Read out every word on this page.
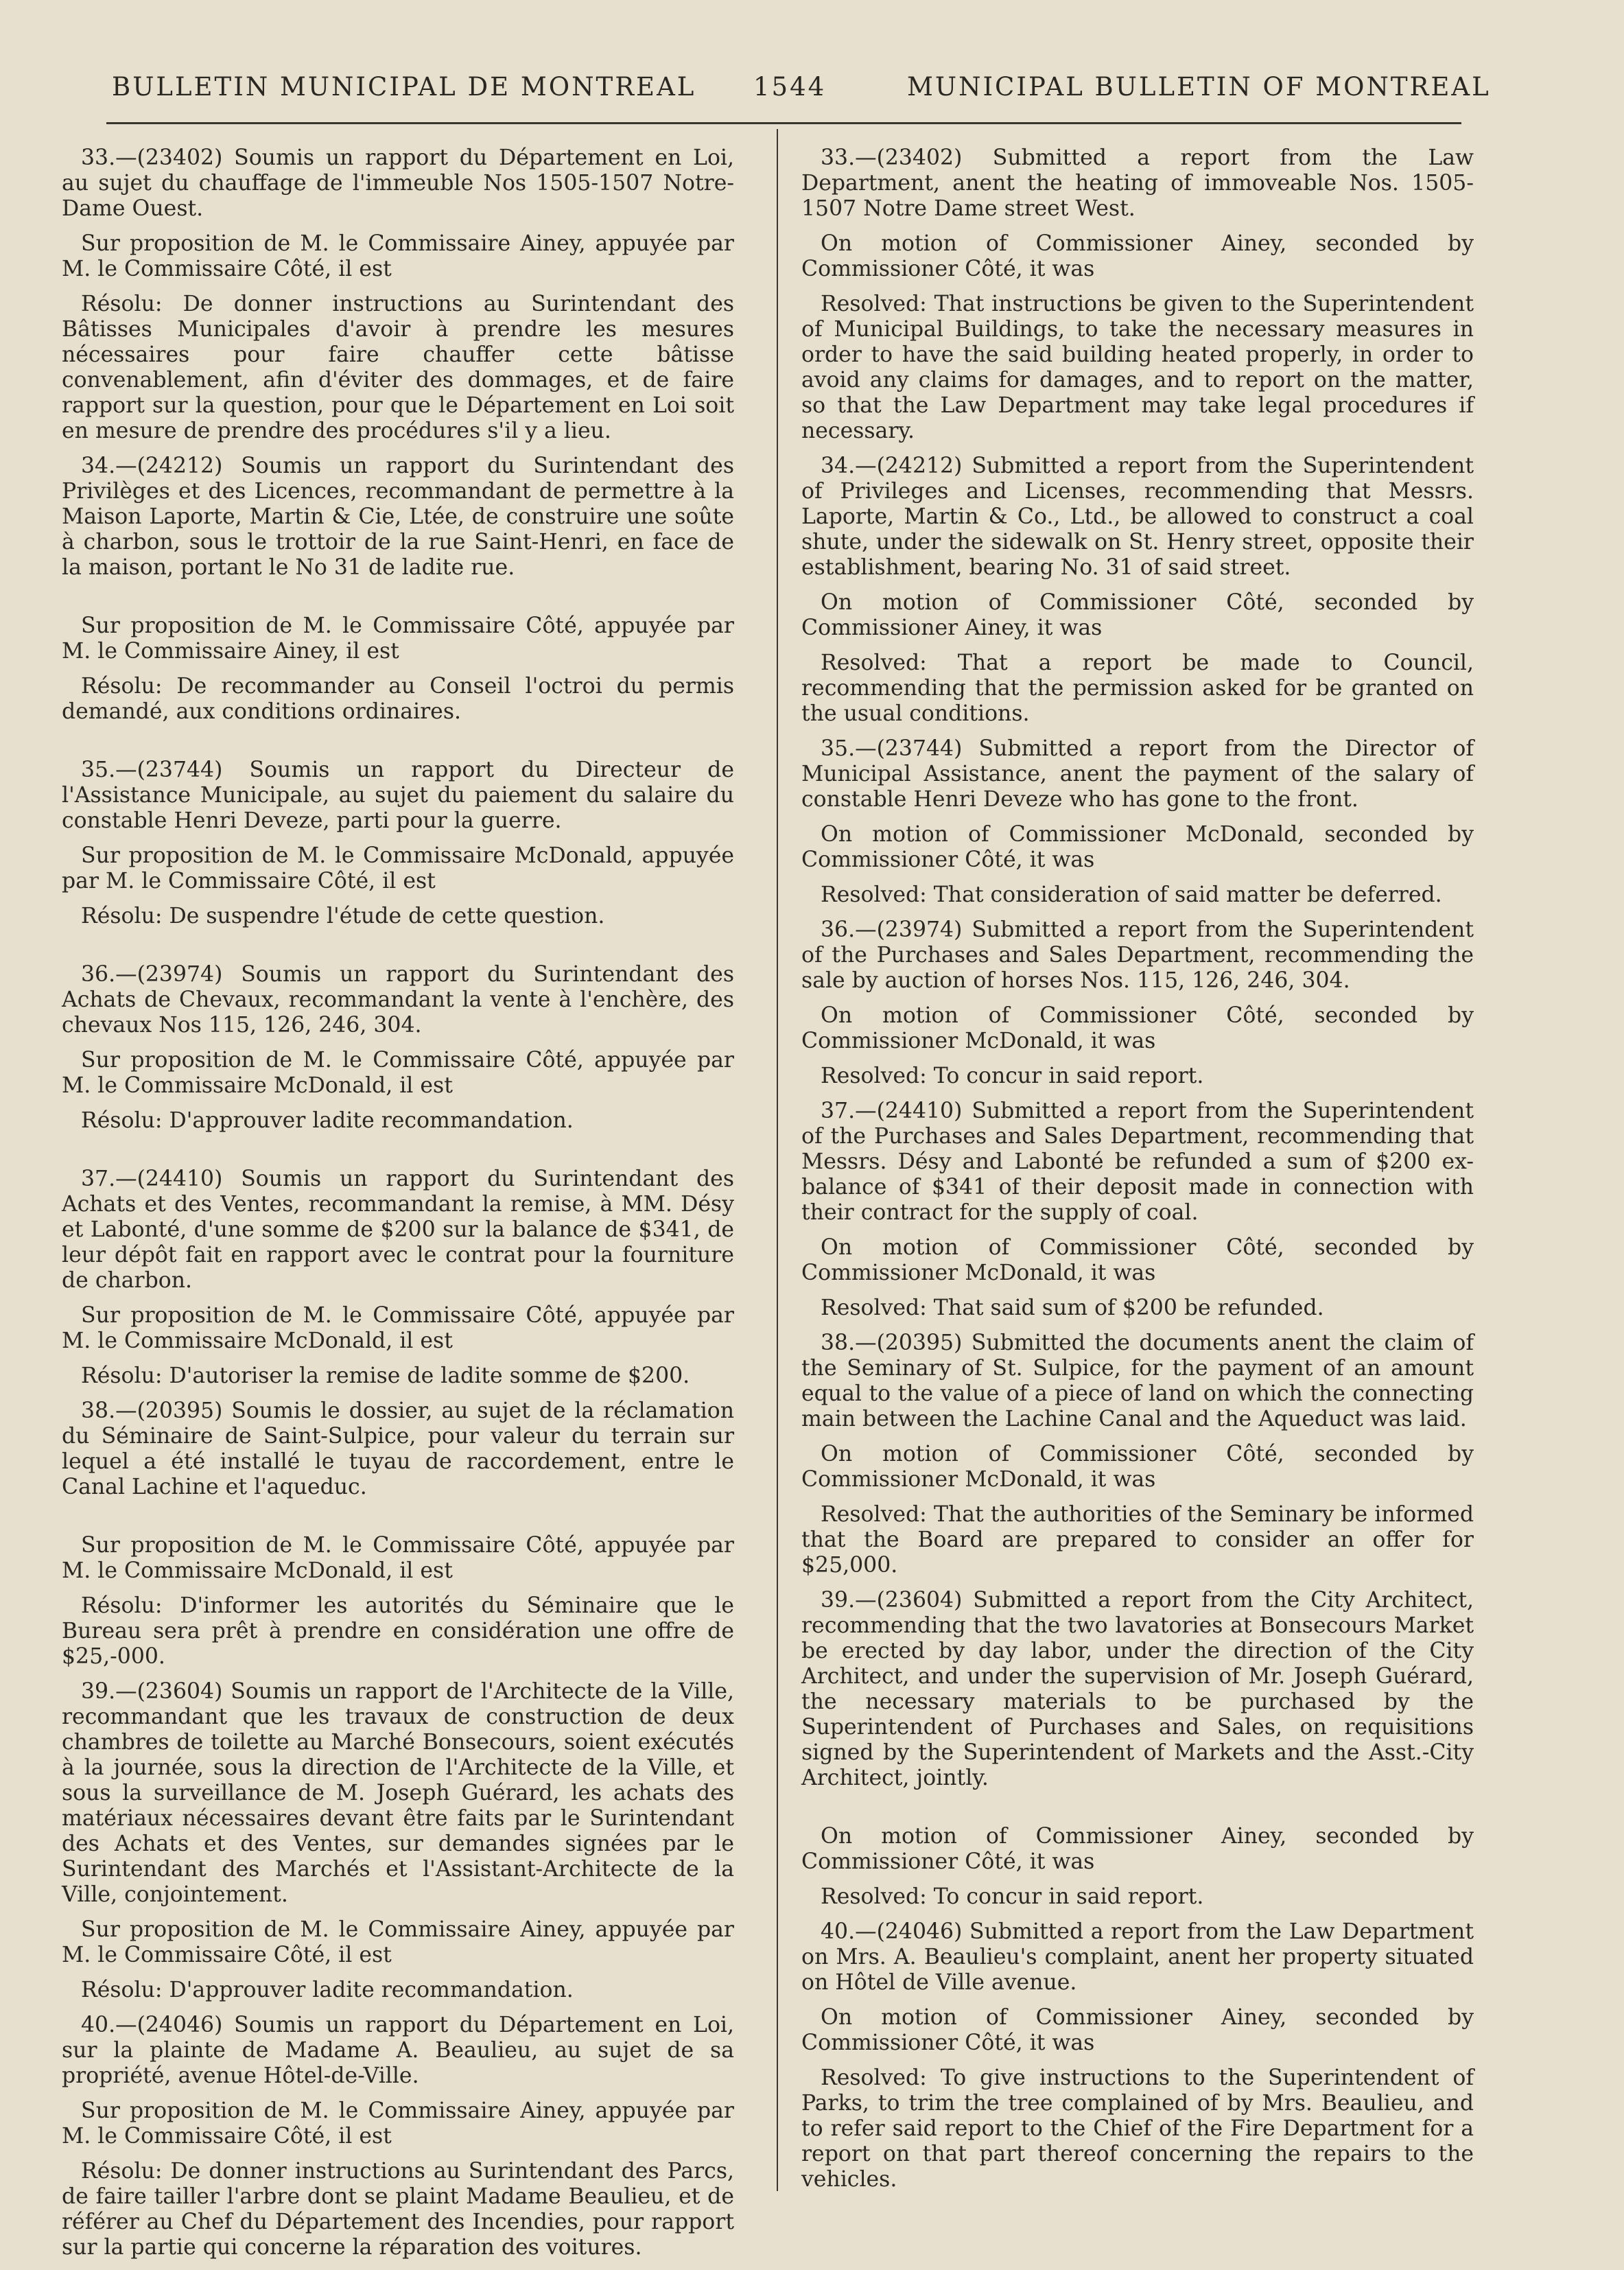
BULLETIN MUNICIPAL DE MONTREAL 1544	MUNICIPAL BULLETIN OF MONTREAL

33.—(23402) Soumis un rapport du Département en Loi, au sujet du chauffage de l'immeuble Nos 1505-1507 Notre-Dame Ouest.

Sur proposition de M. le Commissaire Ainey, appuyée par M. le Commissaire Côté, il est

Résolu: De donner instructions au Surintendant des Bâtisses Municipales d'avoir à prendre les mesures nécessaires pour faire chauffer cette bâtisse convenablement, afin d'éviter des dommages, et de faire rapport sur la question, pour que le Département en Loi soit en mesure de prendre des procédures s'il y a lieu.

34.—(24212) Soumis un rapport du Surintendant des Privilèges et des Licences, recommandant de permettre à la Maison Laporte, Martin & Cie, Ltée, de construire une soûte à charbon, sous le trottoir de la rue Saint-Henri, en face de la maison, portant le No 31 de ladite rue.

Sur proposition de M. le Commissaire Côté, appuyée par M. le Commissaire Ainey, il est

Résolu: De recommander au Conseil l'octroi du permis demandé, aux conditions ordinaires.

35.—(23744) Soumis un rapport du Directeur de l'Assistance Municipale, au sujet du paiement du salaire du constable Henri Deveze, parti pour la guerre.

Sur proposition de M. le Commissaire McDonald, appuyée par M. le Commissaire Côté, il est

Résolu: De suspendre l'étude de cette question.

36.—(23974) Soumis un rapport du Surintendant des Achats de Chevaux, recommandant la vente à l'enchère, des chevaux Nos 115, 126, 246, 304.

Sur proposition de M. le Commissaire Côté, appuyée par M. le Commissaire McDonald, il est

Résolu: D'approuver ladite recommandation.

37.—(24410) Soumis un rapport du Surintendant des Achats et des Ventes, recommandant la remise, à MM. Désy et Labonté, d'une somme de $200 sur la balance de $341, de leur dépôt fait en rapport avec le contrat pour la fourniture de charbon.

Sur proposition de M. le Commissaire Côté, appuyée par M. le Commissaire McDonald, il est

Résolu: D'autoriser la remise de ladite somme de $200.

38.—(20395) Soumis le dossier, au sujet de la réclamation du Séminaire de Saint-Sulpice, pour valeur du terrain sur lequel a été installé le tuyau de raccordement, entre le Canal Lachine et l'aqueduc.

Sur proposition de M. le Commissaire Côté, appuyée par M. le Commissaire McDonald, il est

Résolu: D'informer les autorités du Séminaire que le Bureau sera prêt à prendre en considération une offre de $25,-000.

39.—(23604) Soumis un rapport de l'Architecte de la Ville, recommandant que les travaux de construction de deux chambres de toilette au Marché Bonsecours, soient exécutés à la journée, sous la direction de l'Architecte de la Ville, et sous la surveillance de M. Joseph Guérard, les achats des matériaux nécessaires devant être faits par le Surintendant des Achats et des Ventes, sur demandes signées par le Surintendant des Marchés et l'Assistant-Architecte de la Ville, conjointement.

Sur proposition de M. le Commissaire Ainey, appuyée par M. le Commissaire Côté, il est

Résolu: D'approuver ladite recommandation.

40.—(24046) Soumis un rapport du Département en Loi, sur la plainte de Madame A. Beaulieu, au sujet de sa propriété, avenue Hôtel-de-Ville.

Sur proposition de M. le Commissaire Ainey, appuyée par M. le Commissaire Côté, il est

Résolu: De donner instructions au Surintendant des Parcs, de faire tailler l'arbre dont se plaint Madame Beaulieu, et de référer au Chef du Département des Incendies, pour rapport sur la partie qui concerne la réparation des voitures.

33.—(23402) Submitted a report from the Law Department, anent the heating of immoveable Nos. 1505-1507 Notre Dame street West.

On motion of Commissioner Ainey, seconded by Commissioner Côté, it was

Resolved: That instructions be given to the Superintendent of Municipal Buildings, to take the necessary measures in order to have the said building heated properly, in order to avoid any claims for damages, and to report on the matter, so that the Law Department may take legal procedures if necessary.

34.—(24212) Submitted a report from the Superintendent of Privileges and Licenses, recommending that Messrs. Laporte, Martin & Co., Ltd., be allowed to construct a coal shute, under the sidewalk on St. Henry street, opposite their establishment, bearing No. 31 of said street.

On motion of Commissioner Côté, seconded by Commissioner Ainey, it was

Resolved: That a report be made to Council, recommending that the permission asked for be granted on the usual conditions.

35.—(23744) Submitted a report from the Director of Municipal Assistance, anent the payment of the salary of constable Henri Deveze who has gone to the front.

On motion of Commissioner McDonald, seconded by Commissioner Côté, it was

Resolved: That consideration of said matter be deferred.

36.—(23974) Submitted a report from the Superintendent of the Purchases and Sales Department, recommending the sale by auction of horses Nos. 115, 126, 246, 304.

On motion of Commissioner Côté, seconded by Commissioner McDonald, it was

Resolved: To concur in said report.

37.—(24410) Submitted a report from the Superintendent of the Purchases and Sales Department, recommending that Messrs. Désy and Labonté be refunded a sum of $200 ex-balance of $341 of their deposit made in connection with their contract for the supply of coal.

On motion of Commissioner Côté, seconded by Commissioner McDonald, it was

Resolved: That said sum of $200 be refunded.

38.—(20395) Submitted the documents anent the claim of the Seminary of St. Sulpice, for the payment of an amount equal to the value of a piece of land on which the connecting main between the Lachine Canal and the Aqueduct was laid.

On motion of Commissioner Côté, seconded by Commissioner McDonald, it was

Resolved: That the authorities of the Seminary be informed that the Board are prepared to consider an offer for $25,000.

39.—(23604) Submitted a report from the City Architect, recommending that the two lavatories at Bonsecours Market be erected by day labor, under the direction of the City Architect, and under the supervision of Mr. Joseph Guérard, the necessary materials to be purchased by the Superintendent of Purchases and Sales, on requisitions signed by the Superintendent of Markets and the Asst.-City Architect, jointly.

On motion of Commissioner Ainey, seconded by Commissioner Côté, it was

Resolved: To concur in said report.

40.—(24046) Submitted a report from the Law Department on Mrs. A. Beaulieu's complaint, anent her property situated on Hôtel de Ville avenue.

On motion of Commissioner Ainey, seconded by Commissioner Côté, it was

Resolved: To give instructions to the Superintendent of Parks, to trim the tree complained of by Mrs. Beaulieu, and to refer said report to the Chief of the Fire Department for a report on that part thereof concerning the repairs to the vehicles.
